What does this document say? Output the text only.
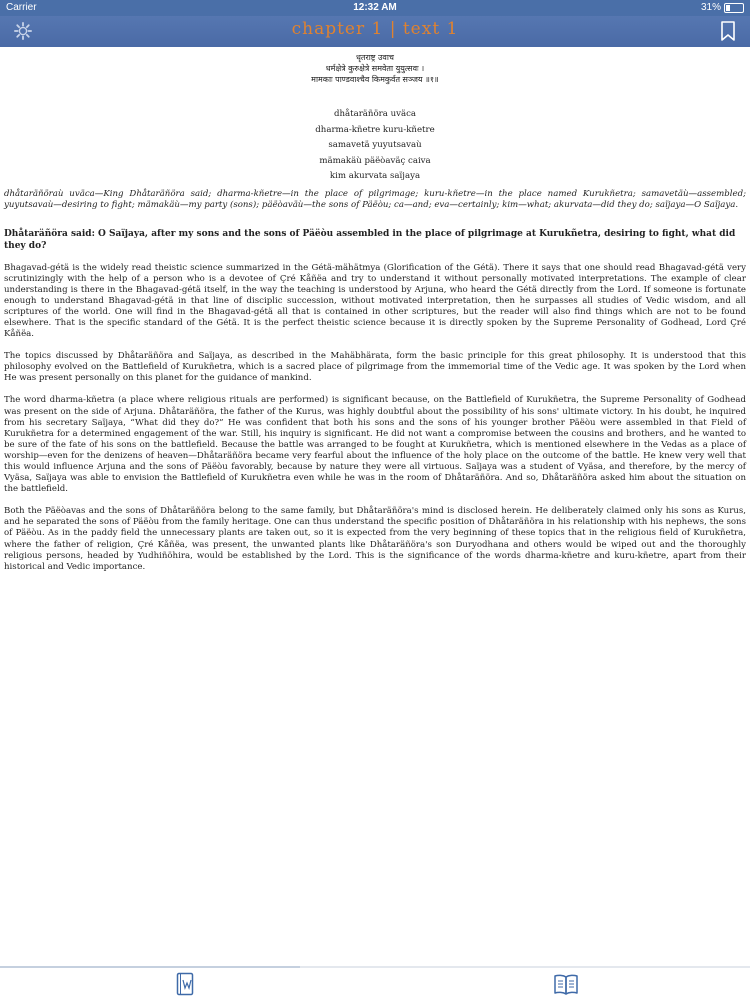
Carrier	12:32 AM	31%
chapter 1 | text 1
धृतराष्ट्र उवाच
धर्मक्षेत्रे कुरुक्षेत्रे समवेता युयुत्सवः ।
मामकाः पाण्डवाश्चैव किमकुर्वत सञ्जय ॥१॥
dhåtaräñöra uväca
dharma-kñetre kuru-kñetre
samavetä yuyutsavaù
mämakäù päëòaväç caiva
kim akurvata saïjaya
dhåtaräñöraù uväca—King Dhåtaräñöra said; dharma-kñetre—in the place of pilgrimage; kuru-kñetre—in the place named Kurukñetra; samavetäù—assembled; yuyutsavaù—desiring to fight; mämakäù—my party (sons); päëòaväù—the sons of Päëòu; ca—and; eva—certainly; kim—what; akurvata—did they do; saïjaya—O Saïjaya.
Dhåtaräñöra said: O Saïjaya, after my sons and the sons of Päëòu assembled in the place of pilgrimage at Kurukñetra, desiring to fight, what did they do?

Bhagavad-gétä is the widely read theistic science summarized in the Gétä-mähätmya (Glorification of the Gétä). There it says that one should read Bhagavad-gétä very scrutinizingly with the help of a person who is a devotee of Çré Kåñëa and try to understand it without personally motivated interpretations. The example of clear understanding is there in the Bhagavad-gétä itself, in the way the teaching is understood by Arjuna, who heard the Gétä directly from the Lord. If someone is fortunate enough to understand Bhagavad-gétä in that line of disciplic succession, without motivated interpretation, then he surpasses all studies of Vedic wisdom, and all scriptures of the world. One will find in the Bhagavad-gétä all that is contained in other scriptures, but the reader will also find things which are not to be found elsewhere. That is the specific standard of the Gétä. It is the perfect theistic science because it is directly spoken by the Supreme Personality of Godhead, Lord Çré Kåñëa.

The topics discussed by Dhåtaräñöra and Saïjaya, as described in the Mahäbhärata, form the basic principle for this great philosophy. It is understood that this philosophy evolved on the Battlefield of Kurukñetra, which is a sacred place of pilgrimage from the immemorial time of the Vedic age. It was spoken by the Lord when He was present personally on this planet for the guidance of mankind.

The word dharma-kñetra (a place where religious rituals are performed) is significant because, on the Battlefield of Kurukñetra, the Supreme Personality of Godhead was present on the side of Arjuna. Dhåtaräñöra, the father of the Kurus, was highly doubtful about the possibility of his sons' ultimate victory. In his doubt, he inquired from his secretary Saïjaya, “What did they do?” He was confident that both his sons and the sons of his younger brother Päëòu were assembled in that Field of Kurukñetra for a determined engagement of the war. Still, his inquiry is significant. He did not want a compromise between the cousins and brothers, and he wanted to be sure of the fate of his sons on the battlefield. Because the battle was arranged to be fought at Kurukñetra, which is mentioned elsewhere in the Vedas as a place of worship—even for the denizens of heaven—Dhåtaräñöra became very fearful about the influence of the holy place on the outcome of the battle. He knew very well that this would influence Arjuna and the sons of Päëòu favorably, because by nature they were all virtuous. Saïjaya was a student of Vyäsa, and therefore, by the mercy of Vyäsa, Saïjaya was able to envision the Battlefield of Kurukñetra even while he was in the room of Dhåtaräñöra. And so, Dhåtaräñöra asked him about the situation on the battlefield.

Both the Päëòavas and the sons of Dhåtaräñöra belong to the same family, but Dhåtaräñöra's mind is disclosed herein. He deliberately claimed only his sons as Kurus, and he separated the sons of Päëòu from the family heritage. One can thus understand the specific position of Dhåtaräñöra in his relationship with his nephews, the sons of Päëòu. As in the paddy field the unnecessary plants are taken out, so it is expected from the very beginning of these topics that in the religious field of Kurukñetra, where the father of religion, Çré Kåñëa, was present, the unwanted plants like Dhåtaräñöra's son Duryodhana and others would be wiped out and the thoroughly religious persons, headed by Yudhiñöhira, would be established by the Lord. This is the significance of the words dharma-kñetre and kuru-kñetre, apart from their historical and Vedic importance.
